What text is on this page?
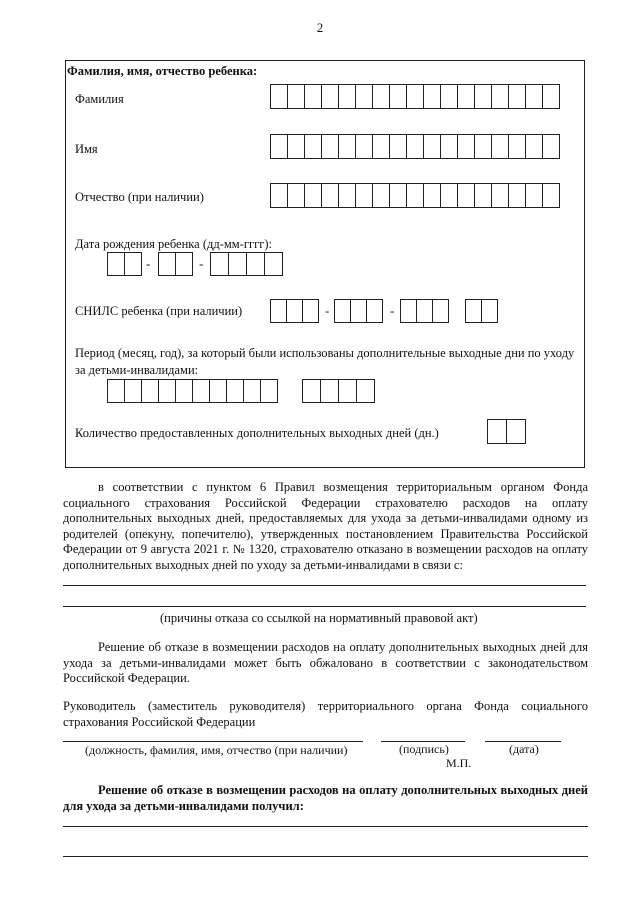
2
Фамилия, имя, отчество ребенка:
Фамилия
Имя
Отчество (при наличии)
Дата рождения ребенка (дд-мм-гггг):
-	-
СНИЛС ребенка (при наличии)	-	-
Период (месяц, год), за который были использованы дополнительные выходные дни по уходу за детьми-инвалидами:
Количество предоставленных дополнительных выходных дней (дн.)
в соответствии с пунктом 6 Правил возмещения территориальным органом Фонда социального страхования Российской Федерации страхователю расходов на оплату дополнительных выходных дней, предоставляемых для ухода за детьми-инвалидами одному из родителей (опекуну, попечителю), утвержденных постановлением Правительства Российской Федерации от 9 августа 2021 г. № 1320, страхователю отказано в возмещении расходов на оплату дополнительных выходных дней по уходу за детьми-инвалидами в связи с:
(причины отказа со ссылкой на нормативный правовой акт)
Решение об отказе в возмещении расходов на оплату дополнительных выходных дней для ухода за детьми-инвалидами может быть обжаловано в соответствии с законодательством Российской Федерации.
Руководитель (заместитель руководителя) территориального органа Фонда социального страхования Российской Федерации
(должность, фамилия, имя, отчество (при наличии)	(подпись)	(дата)
М.П.
Решение об отказе в возмещении расходов на оплату дополнительных выходных дней для ухода за детьми-инвалидами получил:
